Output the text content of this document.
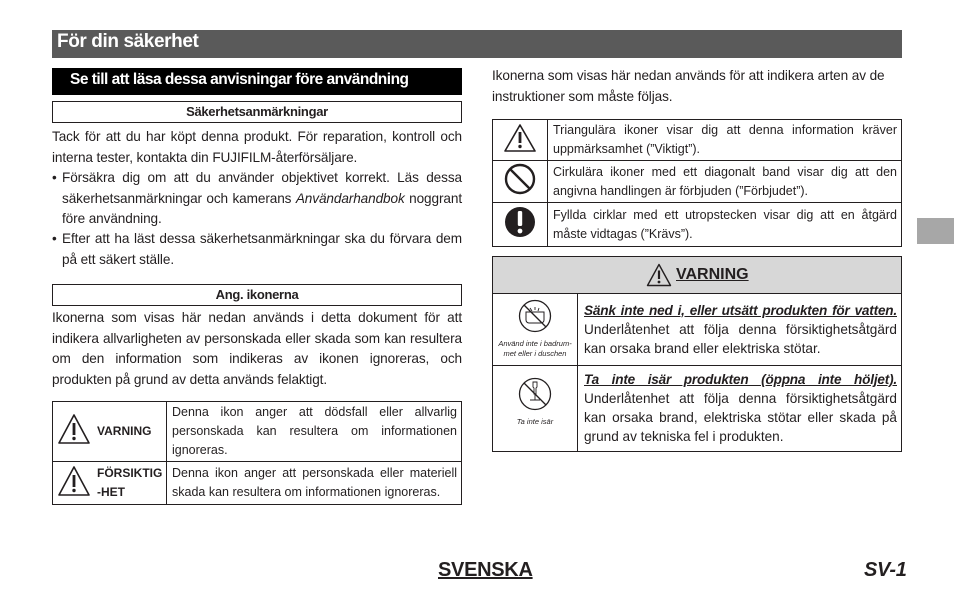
För din säkerhet
Se till att läsa dessa anvisningar före användning
Säkerhetsanmärkningar
Tack för att du har köpt denna produkt. För reparation, kontroll och interna tester, kontakta din FUJIFILM-återförsäljare.
• Försäkra dig om att du använder objektivet korrekt. Läs dessa säkerhetsanmärkningar och kamerans Användarhandbok noggrant före användning.
• Efter att ha läst dessa säkerhetsanmärkningar ska du förvara dem på ett säkert ställe.
Ang. ikonerna
Ikonerna som visas här nedan används i detta dokument för att indikera allvarligheten av personskada eller skada som kan resultera om den information som indikeras av ikonen ignoreras, och produkten på grund av detta används felaktigt.
	VARNING	Denna ikon anger att dödsfall eller allvarlig personskada kan resultera om informationen ignoreras.
	FÖRSIKTIG-HET	Denna ikon anger att personskada eller materiell skada kan resultera om informationen ignoreras.
Ikonerna som visas här nedan används för att indikera arten av de instruktioner som måste följas.
	Triangulära ikoner visar dig att denna information kräver uppmärksamhet (”Viktigt”).
	Cirkulära ikoner med ett diagonalt band visar dig att den angivna handlingen är förbjuden (”Förbjudet”).
	Fyllda cirklar med ett utropstecken visar dig att en åtgärd måste vidtagas (”Krävs”).
VARNING
Använd inte i badrum-met eller i duschen	Sänk inte ned i, eller utsätt produkten för vatten. Underlåtenhet att följa denna försiktighetsåtgärd kan orsaka brand eller elektriska stötar.

Ta inte isär	Ta inte isär produkten (öppna inte höljet). Underlåtenhet att följa denna försiktighetsåtgärd kan orsaka brand, elektriska stötar eller skada på grund av tekniska fel i produkten.
SVENSKA	SV-1
